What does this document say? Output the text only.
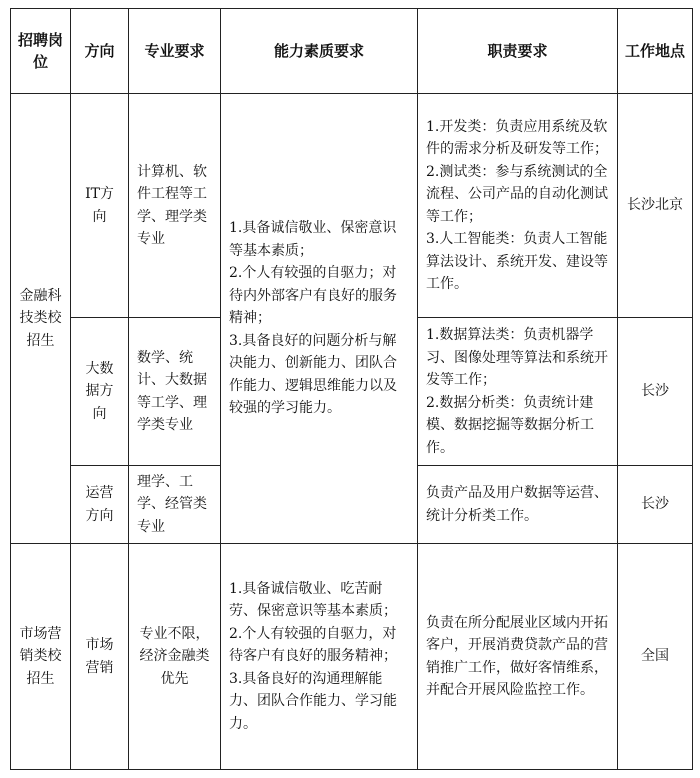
招聘岗位	方向	专业要求	能力素质要求	职责要求	工作地点
金融科技类校招生	IT方向	计算机、软件工程等工学、理学类专业	1.具备诚信敬业、保密意识等基本素质；
2.个人有较强的自驱力；对待内外部客户有良好的服务精神；
3.具备良好的问题分析与解决能力、创新能力、团队合作能力、逻辑思维能力以及较强的学习能力。	1.开发类：负责应用系统及软件的需求分析及研发等工作；
2.测试类：参与系统测试的全流程、公司产品的自动化测试等工作；
3.人工智能类：负责人工智能算法设计、系统开发、建设等工作。	长沙北京
	大数据方向	数学、统计、大数据等工学、理学类专业		1.数据算法类：负责机器学习、图像处理等算法和系统开发等工作；
2.数据分析类：负责统计建模、数据挖掘等数据分析工作。	长沙
	运营方向	理学、工学、经管类专业		负责产品及用户数据等运营、统计分析类工作。	长沙
市场营销类校招生	市场营销	专业不限，经济金融类优先	1.具备诚信敬业、吃苦耐劳、保密意识等基本素质；
2.个人有较强的自驱力，对待客户有良好的服务精神；
3.具备良好的沟通理解能力、团队合作能力、学习能力。	负责在所分配展业区域内开拓客户，开展消费贷款产品的营销推广工作，做好客情维系，并配合开展风险监控工作。	全国
